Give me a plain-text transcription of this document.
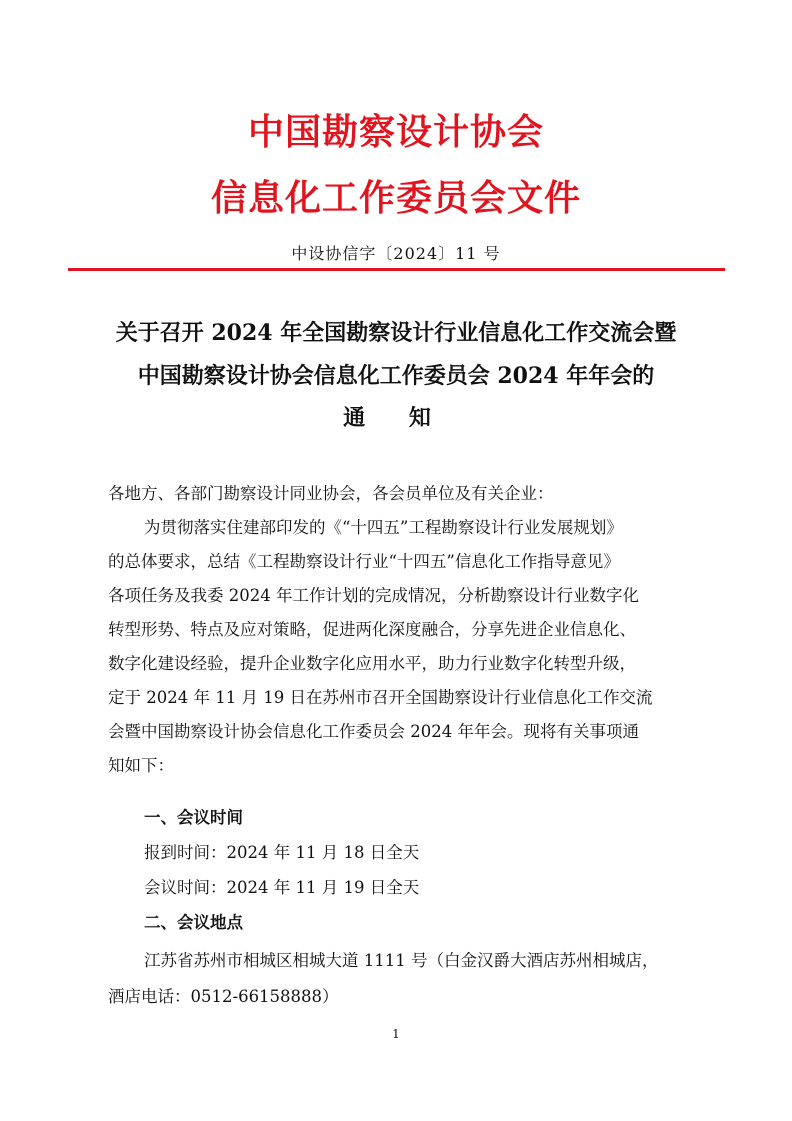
中国勘察设计协会
信息化工作委员会文件
中设协信字〔2024〕11 号
关于召开 2024 年全国勘察设计行业信息化工作交流会暨
中国勘察设计协会信息化工作委员会 2024 年年会的
通 知
各地方、各部门勘察设计同业协会，各会员单位及有关企业：
为贯彻落实住建部印发的《“十四五”工程勘察设计行业发展规划》
的总体要求，总结《工程勘察设计行业“十四五”信息化工作指导意见》
各项任务及我委 2024 年工作计划的完成情况，分析勘察设计行业数字化
转型形势、特点及应对策略，促进两化深度融合，分享先进企业信息化、
数字化建设经验，提升企业数字化应用水平，助力行业数字化转型升级，
定于 2024 年 11 月 19 日在苏州市召开全国勘察设计行业信息化工作交流
会暨中国勘察设计协会信息化工作委员会 2024 年年会。现将有关事项通
知如下：
一、会议时间
报到时间：2024 年 11 月 18 日全天
会议时间：2024 年 11 月 19 日全天
二、会议地点
江苏省苏州市相城区相城大道 1111 号（白金汉爵大酒店苏州相城店，
酒店电话：0512-66158888）
1
